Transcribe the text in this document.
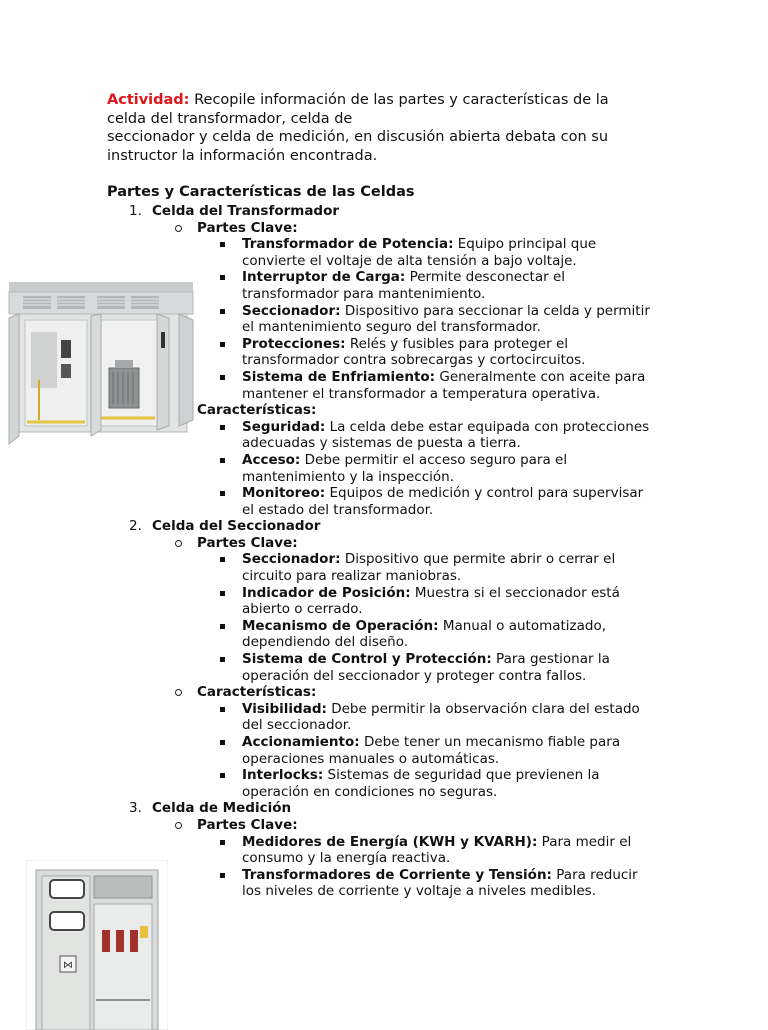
Actividad: Recopile información de las partes y características de la
celda del transformador, celda de
seccionador y celda de medición, en discusión abierta debata con su
instructor la información encontrada.
Partes y Características de las Celdas
1. Celda del Transformador
Partes Clave:
Transformador de Potencia: Equipo principal que
convierte el voltaje de alta tensión a bajo voltaje.
Interruptor de Carga: Permite desconectar el
transformador para mantenimiento.
Seccionador: Dispositivo para seccionar la celda y permitir
el mantenimiento seguro del transformador.
Protecciones: Relés y fusibles para proteger el
transformador contra sobrecargas y cortocircuitos.
Sistema de Enfriamiento: Generalmente con aceite para
mantener el transformador a temperatura operativa.
Características:
Seguridad: La celda debe estar equipada con protecciones
adecuadas y sistemas de puesta a tierra.
Acceso: Debe permitir el acceso seguro para el
mantenimiento y la inspección.
Monitoreo: Equipos de medición y control para supervisar
el estado del transformador.
2. Celda del Seccionador
Partes Clave:
Seccionador: Dispositivo que permite abrir o cerrar el
circuito para realizar maniobras.
Indicador de Posición: Muestra si el seccionador está
abierto o cerrado.
Mecanismo de Operación: Manual o automatizado,
dependiendo del diseño.
Sistema de Control y Protección: Para gestionar la
operación del seccionador y proteger contra fallos.
Características:
Visibilidad: Debe permitir la observación clara del estado
del seccionador.
Accionamiento: Debe tener un mecanismo fiable para
operaciones manuales o automáticas.
Interlocks: Sistemas de seguridad que previenen la
operación en condiciones no seguras.
3. Celda de Medición
Partes Clave:
Medidores de Energía (KWH y KVARH): Para medir el
consumo y la energía reactiva.
Transformadores de Corriente y Tensión: Para reducir
los niveles de corriente y voltaje a niveles medibles.
⋈
